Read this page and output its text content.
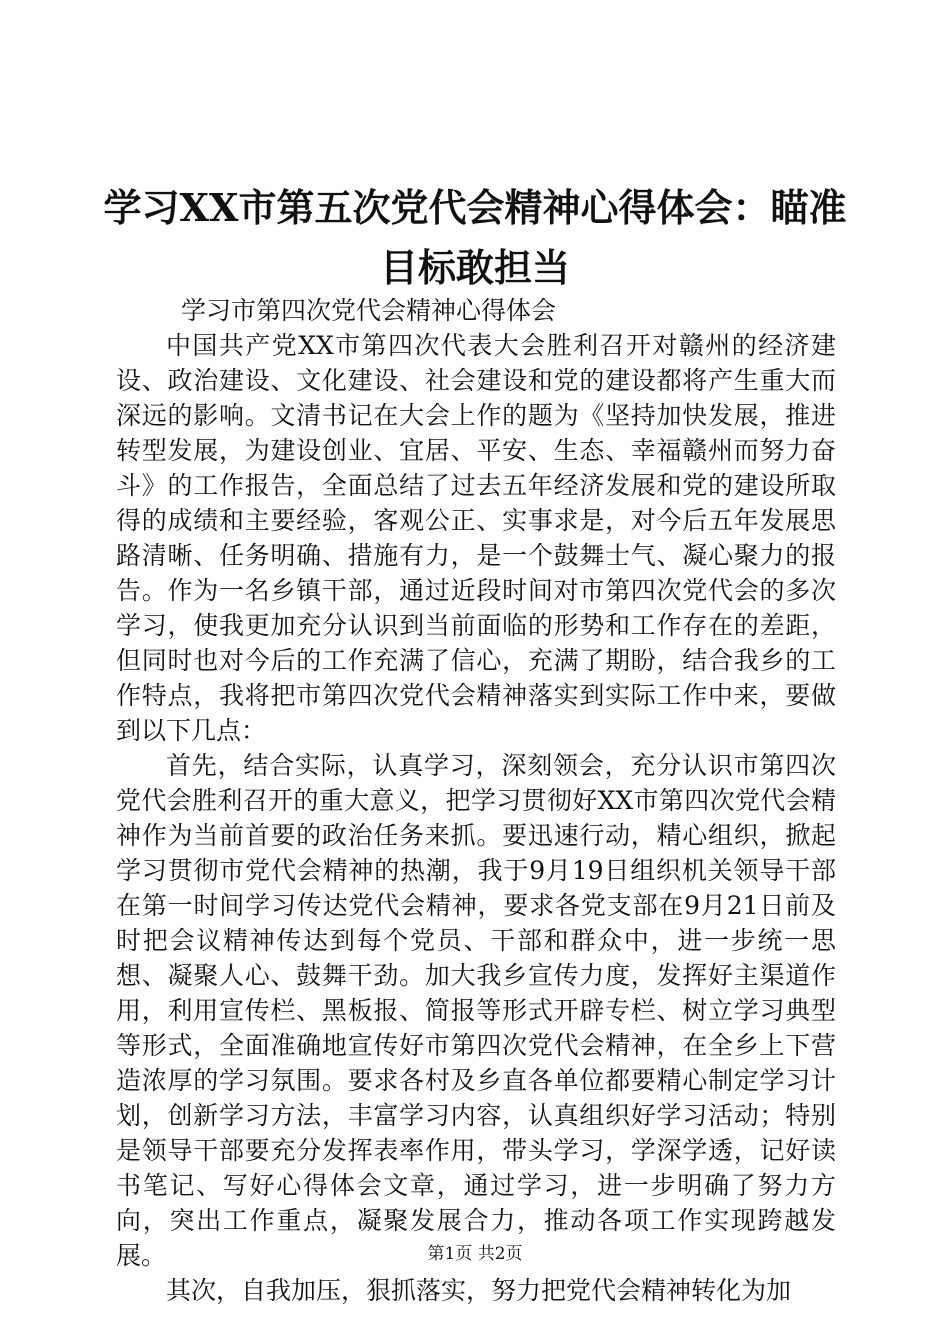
学习XX市第五次党代会精神心得体会：瞄准
目标敢担当

学习市第四次党代会精神心得体会

中国共产党XX市第四次代表大会胜利召开对赣州的经济建设、政治建设、文化建设、社会建设和党的建设都将产生重大而深远的影响。文清书记在大会上作的题为《坚持加快发展，推进转型发展，为建设创业、宜居、平安、生态、幸福赣州而努力奋斗》的工作报告，全面总结了过去五年经济发展和党的建设所取得的成绩和主要经验，客观公正、实事求是，对今后五年发展思路清晰、任务明确、措施有力，是一个鼓舞士气、凝心聚力的报告。作为一名乡镇干部，通过近段时间对市第四次党代会的多次学习，使我更加充分认识到当前面临的形势和工作存在的差距，但同时也对今后的工作充满了信心，充满了期盼，结合我乡的工作特点，我将把市第四次党代会精神落实到实际工作中来，要做到以下几点：

首先，结合实际，认真学习，深刻领会，充分认识市第四次党代会胜利召开的重大意义，把学习贯彻好XX市第四次党代会精神作为当前首要的政治任务来抓。要迅速行动，精心组织，掀起学习贯彻市党代会精神的热潮，我于9月19日组织机关领导干部在第一时间学习传达党代会精神，要求各党支部在9月21日前及时把会议精神传达到每个党员、干部和群众中，进一步统一思想、凝聚人心、鼓舞干劲。加大我乡宣传力度，发挥好主渠道作用，利用宣传栏、黑板报、简报等形式开辟专栏、树立学习典型等形式，全面准确地宣传好市第四次党代会精神，在全乡上下营造浓厚的学习氛围。要求各村及乡直各单位都要精心制定学习计划，创新学习方法，丰富学习内容，认真组织好学习活动；特别是领导干部要充分发挥表率作用，带头学习，学深学透，记好读书笔记、写好心得体会文章，通过学习，进一步明确了努力方向，突出工作重点，凝聚发展合力，推动各项工作实现跨越发展。

其次，自我加压，狠抓落实，努力把党代会精神转化为加

第1页 共2页
